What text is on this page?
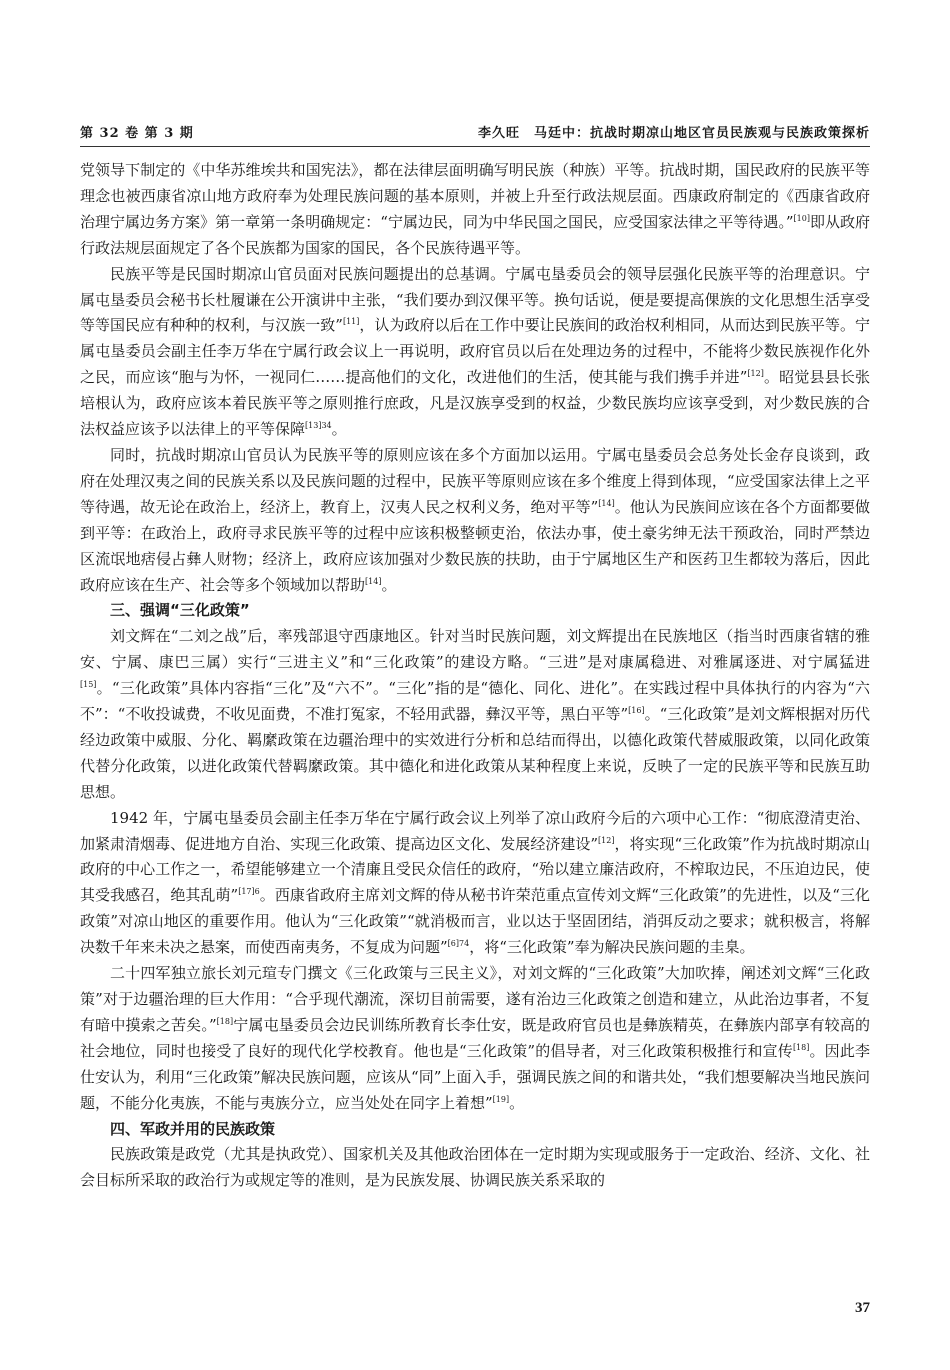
第 32 卷 第 3 期	李久旺　马廷中：抗战时期凉山地区官员民族观与民族政策探析

党领导下制定的《中华苏维埃共和国宪法》，都在法律层面明确写明民族（种族）平等。抗战时期，国民政府的民族平等理念也被西康省凉山地方政府奉为处理民族问题的基本原则，并被上升至行政法规层面。西康政府制定的《西康省政府治理宁属边务方案》第一章第一条明确规定：“宁属边民，同为中华民国之国民，应受国家法律之平等待遇。”[10]即从政府行政法规层面规定了各个民族都为国家的国民，各个民族待遇平等。

民族平等是民国时期凉山官员面对民族问题提出的总基调。宁属屯垦委员会的领导层强化民族平等的治理意识。宁属屯垦委员会秘书长杜履谦在公开演讲中主张，“我们要办到汉倮平等。换句话说，便是要提高倮族的文化思想生活享受等等国民应有种种的权利，与汉族一致”[11]，认为政府以后在工作中要让民族间的政治权利相同，从而达到民族平等。宁属屯垦委员会副主任李万华在宁属行政会议上一再说明，政府官员以后在处理边务的过程中，不能将少数民族视作化外之民，而应该“胞与为怀，一视同仁……提高他们的文化，改进他们的生活，使其能与我们携手并进”[12]。昭觉县县长张培根认为，政府应该本着民族平等之原则推行庶政，凡是汉族享受到的权益，少数民族均应该享受到，对少数民族的合法权益应该予以法律上的平等保障$^{[13]34}$。

同时，抗战时期凉山官员认为民族平等的原则应该在多个方面加以运用。宁属屯垦委员会总务处长金存良谈到，政府在处理汉夷之间的民族关系以及民族问题的过程中，民族平等原则应该在多个维度上得到体现，“应受国家法律上之平等待遇，故无论在政治上，经济上，教育上，汉夷人民之权利义务，绝对平等”[14]。他认为民族间应该在各个方面都要做到平等：在政治上，政府寻求民族平等的过程中应该积极整顿吏治，依法办事，使土豪劣绅无法干预政治，同时严禁边区流氓地痞侵占彝人财物；经济上，政府应该加强对少数民族的扶助，由于宁属地区生产和医药卫生都较为落后，因此政府应该在生产、社会等多个领域加以帮助[14]。

三、强调“三化政策”

刘文辉在“二刘之战”后，率残部退守西康地区。针对当时民族问题，刘文辉提出在民族地区（指当时西康省辖的雅安、宁属、康巴三属）实行“三进主义”和“三化政策”的建设方略。“三进”是对康属稳进、对雅属逐进、对宁属猛进[15]。“三化政策”具体内容指“三化”及“六不”。“三化”指的是“德化、同化、进化”。在实践过程中具体执行的内容为“六不”：“不收投诚费，不收见面费，不准打冤家，不轻用武器，彝汉平等，黑白平等”[16]。“三化政策”是刘文辉根据对历代经边政策中威服、分化、羁縻政策在边疆治理中的实效进行分析和总结而得出，以德化政策代替威服政策，以同化政策代替分化政策，以进化政策代替羁縻政策。其中德化和进化政策从某种程度上来说，反映了一定的民族平等和民族互助思想。

1942 年，宁属屯垦委员会副主任李万华在宁属行政会议上列举了凉山政府今后的六项中心工作：“彻底澄清吏治、加紧肃清烟毒、促进地方自治、实现三化政策、提高边区文化、发展经济建设”[12]，将实现“三化政策”作为抗战时期凉山政府的中心工作之一，希望能够建立一个清廉且受民众信任的政府，“殆以建立廉洁政府，不榨取边民，不压迫边民，使其受我感召，绝其乱萌”$^{[17]6}$。西康省政府主席刘文辉的侍从秘书许荣范重点宣传刘文辉“三化政策”的先进性，以及“三化政策”对凉山地区的重要作用。他认为“三化政策”“就消极而言，业以达于坚固团结，消弭反动之要求；就积极言，将解决数千年来未决之悬案，而使西南夷务，不复成为问题”$^{[6]74}$，将“三化政策”奉为解决民族问题的圭臬。

二十四军独立旅长刘元瑄专门撰文《三化政策与三民主义》，对刘文辉的“三化政策”大加吹捧，阐述刘文辉“三化政策”对于边疆治理的巨大作用：“合乎现代潮流，深切目前需要，遂有治边三化政策之创造和建立，从此治边事者，不复有暗中摸索之苦矣。”[18]宁属屯垦委员会边民训练所教育长李仕安，既是政府官员也是彝族精英，在彝族内部享有较高的社会地位，同时也接受了良好的现代化学校教育。他也是“三化政策”的倡导者，对三化政策积极推行和宣传[18]。因此李仕安认为，利用“三化政策”解决民族问题，应该从“同”上面入手，强调民族之间的和谐共处，“我们想要解决当地民族问题，不能分化夷族，不能与夷族分立，应当处处在同字上着想”[19]。

四、军政并用的民族政策

民族政策是政党（尤其是执政党）、国家机关及其他政治团体在一定时期为实现或服务于一定政治、经济、文化、社会目标所采取的政治行为或规定等的准则，是为民族发展、协调民族关系采取的

37
